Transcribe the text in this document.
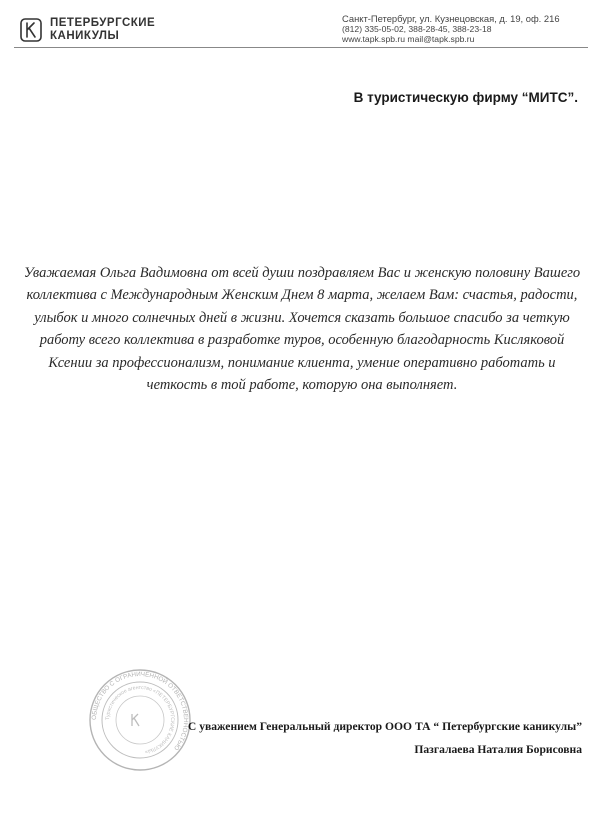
ПЕТЕРБУРГСКИЕ
КАНИКУЛЫ
Санкт-Петербург, ул. Кузнецовская, д. 19, оф. 216
(812) 335-05-02, 388-28-45, 388-23-18
www.tapk.spb.ru mail@tapk.spb.ru
В туристическую фирму “МИТС”.
Уважаемая Ольга Вадимовна от всей души поздравляем Вас и женскую половину Вашего
коллектива с Международным Женским Днем 8 марта, желаем Вам: счастья, радости,
улыбок и много солнечных дней в жизни. Хочется сказать большое спасибо за четкую
работу всего коллектива в разработке туров, особенную благодарность Кисляковой
Ксении за профессионализм, понимание клиента, умение оперативно работать и
четкость в той работе, которую она выполняет.
ОБЩЕСТВО С ОГРАНИЧЕННОЙ ОТВЕТСТВЕННОСТЬЮ
Туристическое агентство «ПЕТЕРБУРГСКИЕ КАНИКУЛЫ»
С уважением Генеральный директор ООО ТА “ Петербургские каникулы”
Пазгалаева Наталия Борисовна
